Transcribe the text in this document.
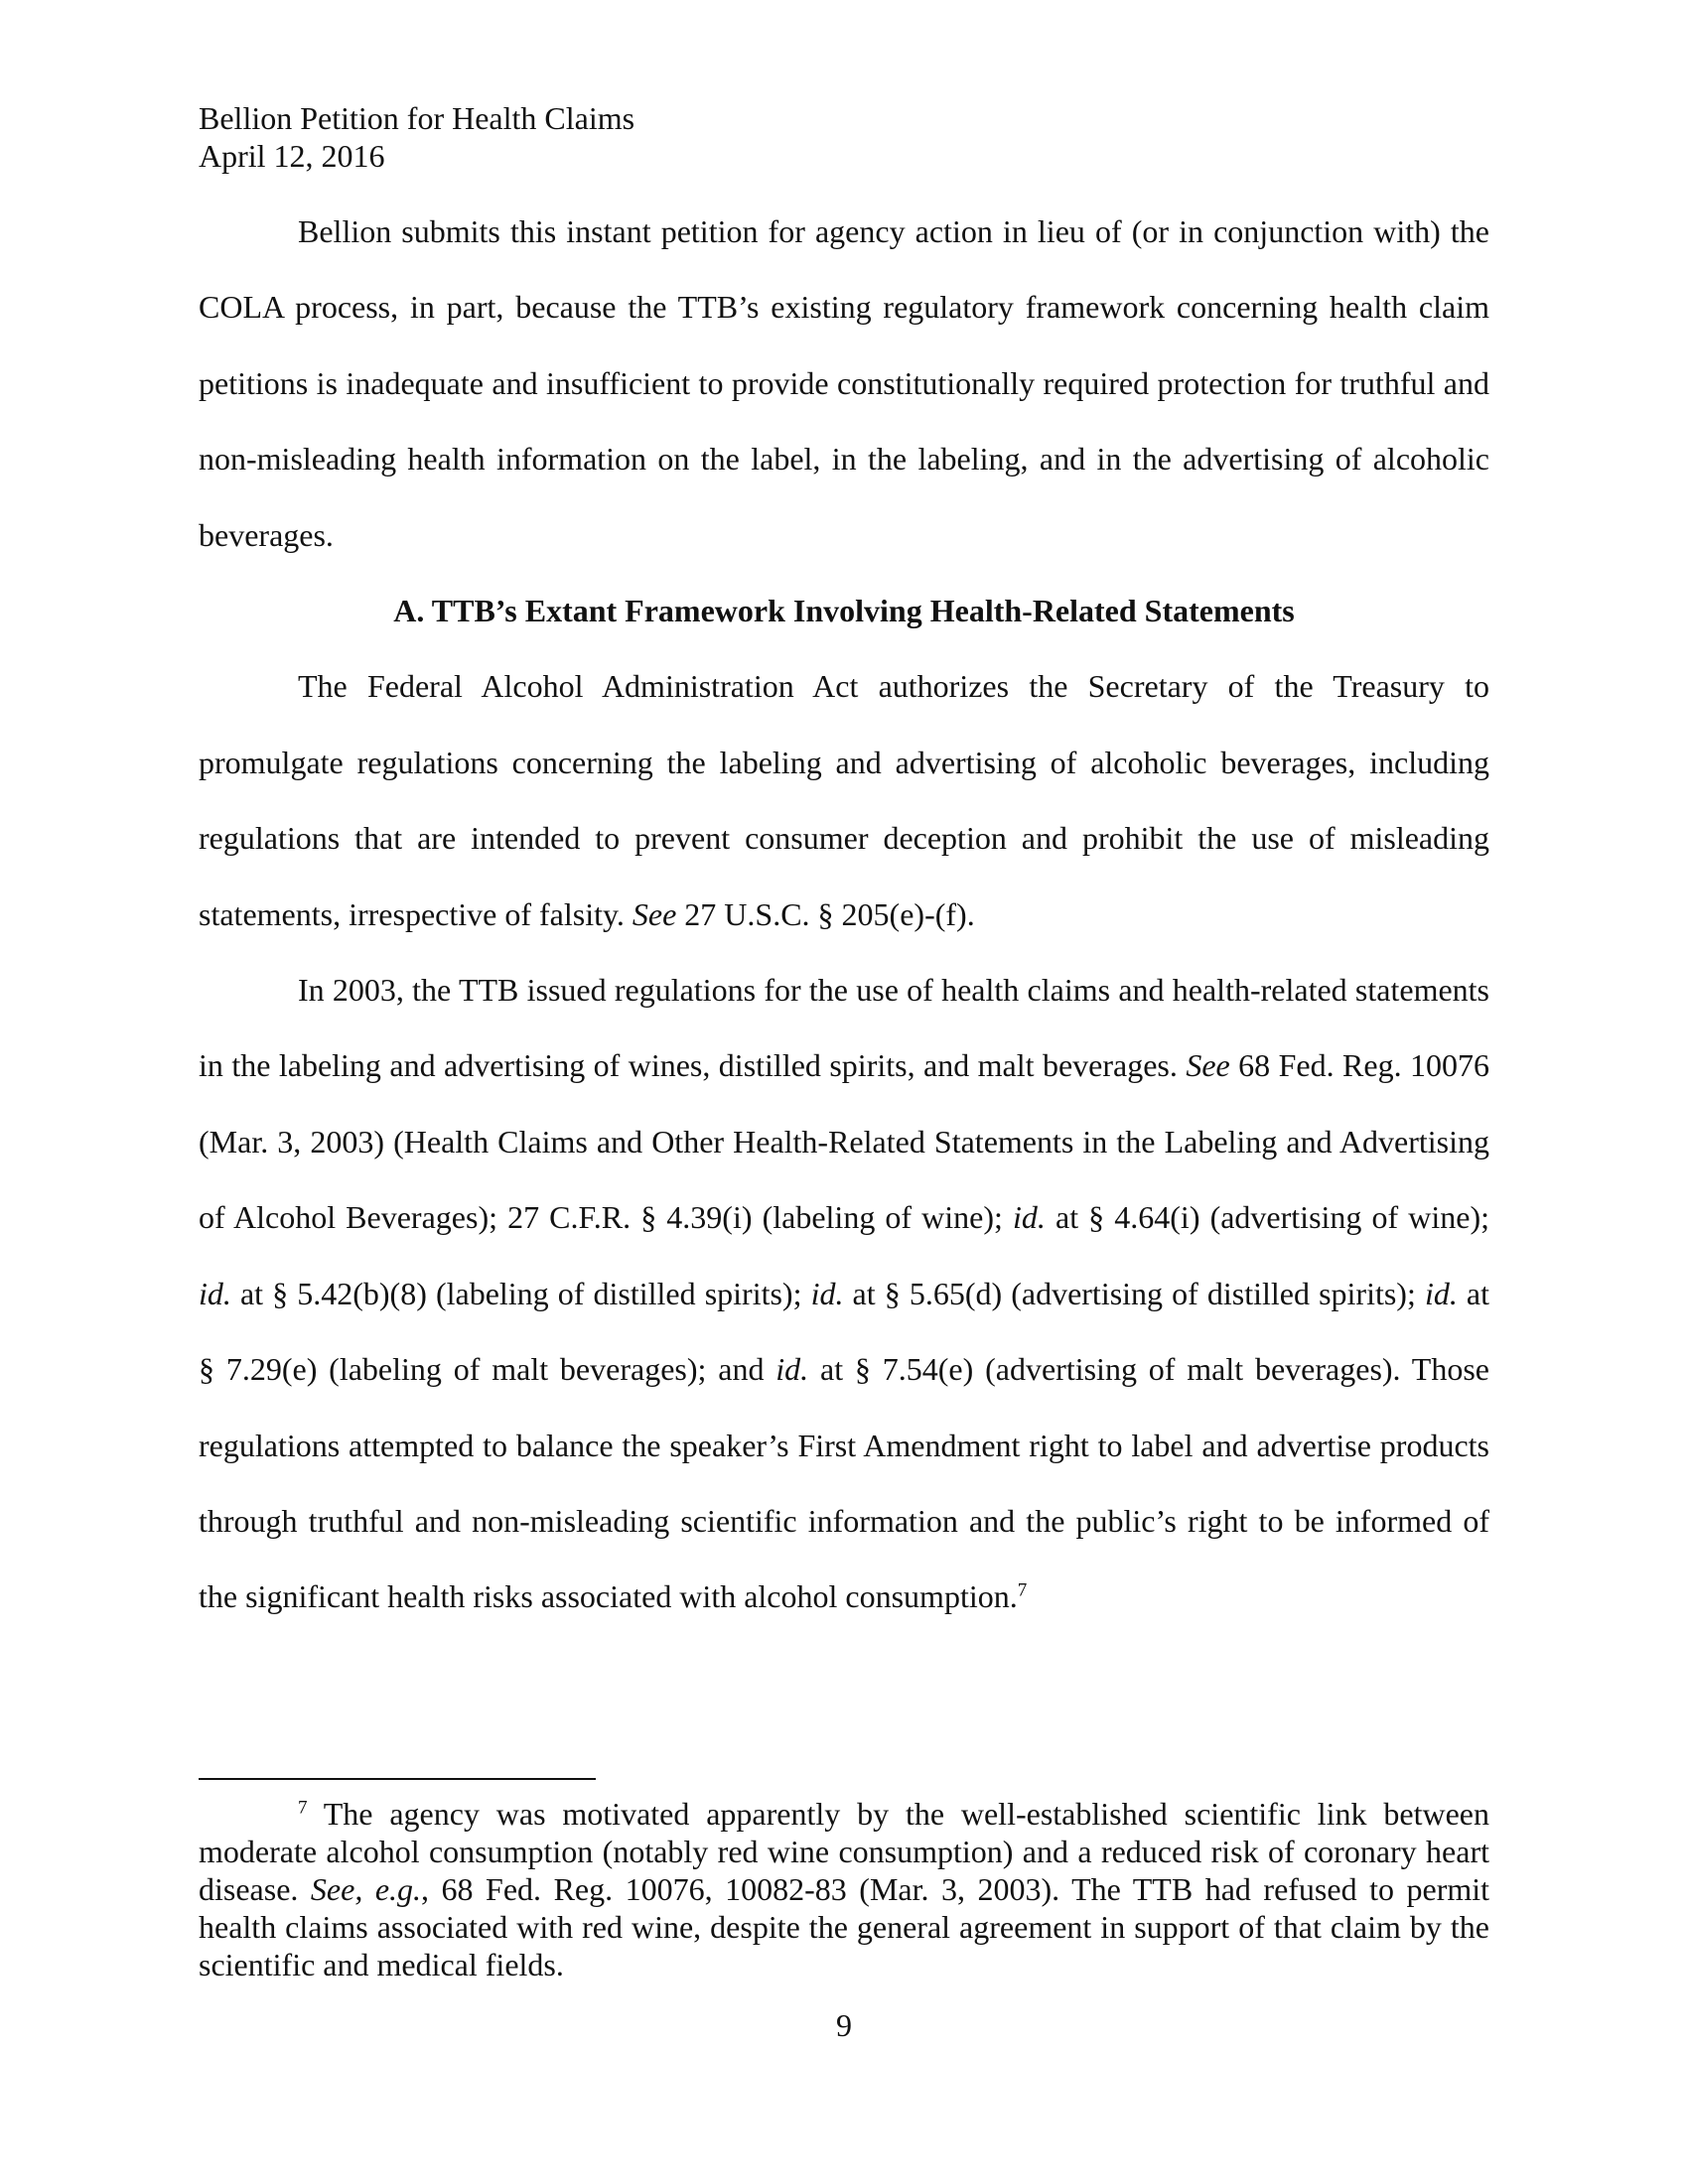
Bellion Petition for Health Claims
April 12, 2016

Bellion submits this instant petition for agency action in lieu of (or in conjunction with) the COLA process, in part, because the TTB’s existing regulatory framework concerning health claim petitions is inadequate and insufficient to provide constitutionally required protection for truthful and non-misleading health information on the label, in the labeling, and in the advertising of alcoholic beverages.

A. TTB’s Extant Framework Involving Health-Related Statements

The Federal Alcohol Administration Act authorizes the Secretary of the Treasury to promulgate regulations concerning the labeling and advertising of alcoholic beverages, including regulations that are intended to prevent consumer deception and prohibit the use of misleading statements, irrespective of falsity. See 27 U.S.C. § 205(e)-(f).

In 2003, the TTB issued regulations for the use of health claims and health-related statements in the labeling and advertising of wines, distilled spirits, and malt beverages. See 68 Fed. Reg. 10076 (Mar. 3, 2003) (Health Claims and Other Health-Related Statements in the Labeling and Advertising of Alcohol Beverages); 27 C.F.R. § 4.39(i) (labeling of wine); id. at § 4.64(i) (advertising of wine); id. at § 5.42(b)(8) (labeling of distilled spirits); id. at § 5.65(d) (advertising of distilled spirits); id. at § 7.29(e) (labeling of malt beverages); and id. at § 7.54(e) (advertising of malt beverages). Those regulations attempted to balance the speaker’s First Amendment right to label and advertise products through truthful and non-misleading scientific information and the public’s right to be informed of the significant health risks associated with alcohol consumption.$^7$

$^7$ The agency was motivated apparently by the well-established scientific link between moderate alcohol consumption (notably red wine consumption) and a reduced risk of coronary heart disease. See, e.g., 68 Fed. Reg. 10076, 10082-83 (Mar. 3, 2003). The TTB had refused to permit health claims associated with red wine, despite the general agreement in support of that claim by the scientific and medical fields.

9
